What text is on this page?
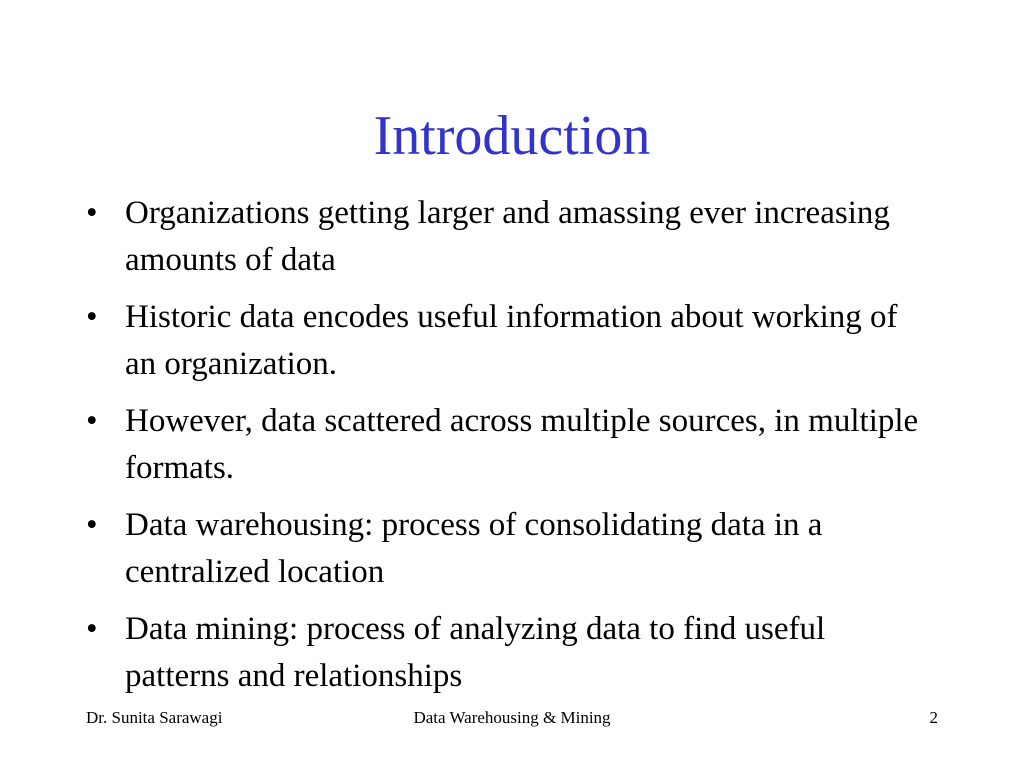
Introduction
• Organizations getting larger and amassing ever increasing amounts of data
• Historic data encodes useful information about working of an organization.
• However, data scattered across multiple sources, in multiple formats.
• Data warehousing: process of consolidating data in a centralized location
• Data mining: process of analyzing data to find useful patterns and relationships
Dr. Sunita Sarawagi	Data Warehousing & Mining	2
